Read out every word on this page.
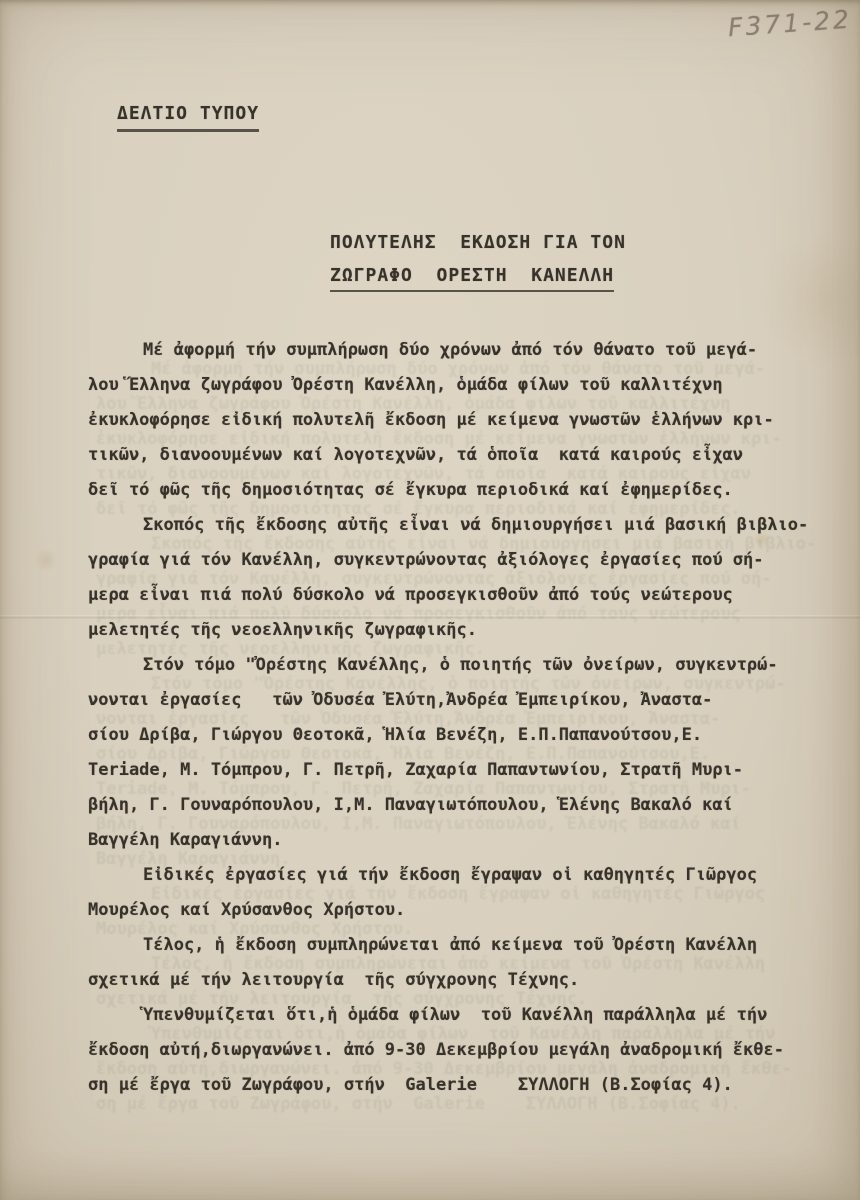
F371-22
ΔΕΛΤΙΟ ΤΥΠΟΥ
ΠΟΛΥΤΕΛΗΣ  ΕΚΔΟΣΗ ΓΙΑ ΤΟΝ
ΖΩΓΡΑΦΟ  ΟΡΕΣΤΗ  ΚΑΝΕΛΛΗ
Μέ ἀφορμή τήν συμπλήρωση δύο χρόνων ἀπό τόν θάνατο τοῦ μεγά-
λου Ἕλληνα ζωγράφου Ὀρέστη Κανέλλη, ὁμάδα φίλων τοῦ καλλιτέχνη
ἐκυκλοφόρησε εἰδική πολυτελῆ ἔκδοση μέ κείμενα γνωστῶν ἑλλήνων κρι-
τικῶν, διανοουμένων καί λογοτεχνῶν, τά ὁποῖα  κατά καιρούς εἶχαν
δεῖ τό φῶς τῆς δημοσιότητας σέ ἔγκυρα περιοδικά καί ἐφημερίδες.
Σκοπός τῆς ἔκδοσης αὐτῆς εἶναι νά δημιουργήσει μιά βασική βιβλιο-
γραφία γιά τόν Κανέλλη, συγκεντρώνοντας ἀξιόλογες ἐργασίες πού σή-
μερα εἶναι πιά πολύ δύσκολο νά προσεγκισθοῦν ἀπό τούς νεώτερους
μελετητές τῆς νεοελληνικῆς ζωγραφικῆς.
Στόν τόμο "Ὀρέστης Κανέλλης, ὁ ποιητής τῶν ὀνείρων, συγκεντρώ-
νονται ἐργασίες   τῶν Ὀδυσέα Ἐλύτη,Ἀνδρέα Ἐμπειρίκου, Ἀναστα-
σίου Δρίβα, Γιώργου Θεοτοκᾶ, Ἡλία Βενέζη, Ε.Π.Παπανούτσου,Ε.
Teriade, Μ. Τόμπρου, Γ. Πετρῆ, Ζαχαρία Παπαντωνίου, Στρατῆ Μυρι-
βήλη, Γ. Γουναρόπουλου, Ι,Μ. Παναγιωτόπουλου, Ἑλένης Βακαλό καί
Βαγγέλη Καραγιάννη.
Εἰδικές ἐργασίες γιά τήν ἔκδοση ἔγραψαν οἱ καθηγητές Γιῶργος
Μουρέλος καί Χρύσανθος Χρήστου.
Τέλος, ἡ ἔκδοση συμπληρώνεται ἀπό κείμενα τοῦ Ὀρέστη Κανέλλη
σχετικά μέ τήν λειτουργία  τῆς σύγχρονης Τέχνης.
Ὑπενθυμίζεται ὅτι,ἡ ὁμάδα φίλων  τοῦ Κανέλλη παράλληλα μέ τήν
ἔκδοση αὐτή,διωργανώνει. ἀπό 9-30 Δεκεμβρίου μεγάλη ἀναδρομική ἔκθε-
ση μέ ἔργα τοῦ Ζωγράφου, στήν  Galerie    ΣΥΛΛΟΓΗ (Β.Σοφίας 4).
Μέ ἀφορμή τήν συμπλήρωση δύο χρόνων ἀπό τόν θάνατο τοῦ μεγά-
λου Ἕλληνα ζωγράφου Ὀρέστη Κανέλλη, ὁμάδα φίλων τοῦ καλλιτέχνη
ἐκυκλοφόρησε εἰδική πολυτελῆ ἔκδοση μέ κείμενα γνωστῶν ἑλλήνων κρι-
τικῶν, διανοουμένων καί λογοτεχνῶν, τά ὁποῖα  κατά καιρούς εἶχαν
δεῖ τό φῶς τῆς δημοσιότητας σέ ἔγκυρα περιοδικά καί ἐφημερίδες.
Σκοπός τῆς ἔκδοσης αὐτῆς εἶναι νά δημιουργήσει μιά βασική βιβλιο-
γραφία γιά τόν Κανέλλη, συγκεντρώνοντας ἀξιόλογες ἐργασίες πού σή-
μερα εἶναι πιά πολύ δύσκολο νά προσεγκισθοῦν ἀπό τούς νεώτερους
μελετητές τῆς νεοελληνικῆς ζωγραφικῆς.
Στόν τόμο "Ὀρέστης Κανέλλης, ὁ ποιητής τῶν ὀνείρων, συγκεντρώ-
νονται ἐργασίες   τῶν Ὀδυσέα Ἐλύτη,Ἀνδρέα Ἐμπειρίκου, Ἀναστα-
σίου Δρίβα, Γιώργου Θεοτοκᾶ, Ἡλία Βενέζη, Ε.Π.Παπανούτσου,Ε.
Teriade, Μ. Τόμπρου, Γ. Πετρῆ, Ζαχαρία Παπαντωνίου, Στρατῆ Μυρι-
βήλη, Γ. Γουναρόπουλου, Ι,Μ. Παναγιωτόπουλου, Ἑλένης Βακαλό καί
Βαγγέλη Καραγιάννη.
Εἰδικές ἐργασίες γιά τήν ἔκδοση ἔγραψαν οἱ καθηγητές Γιῶργος
Μουρέλος καί Χρύσανθος Χρήστου.
Τέλος, ἡ ἔκδοση συμπληρώνεται ἀπό κείμενα τοῦ Ὀρέστη Κανέλλη
σχετικά μέ τήν λειτουργία  τῆς σύγχρονης Τέχνης.
Ὑπενθυμίζεται ὅτι,ἡ ὁμάδα φίλων  τοῦ Κανέλλη παράλληλα μέ τήν
ἔκδοση αὐτή,διωργανώνει. ἀπό 9-30 Δεκεμβρίου μεγάλη ἀναδρομική ἔκθε-
ση μέ ἔργα τοῦ Ζωγράφου, στήν  Galerie    ΣΥΛΛΟΓΗ (Β.Σοφίας 4).
